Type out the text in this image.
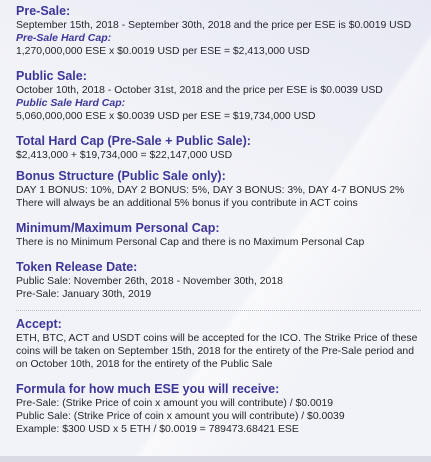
Pre-Sale:

September 15th, 2018 - September 30th, 2018 and the price per ESE is $0.0019 USD

Pre-Sale Hard Cap:

1,270,000,000 ESE x $0.0019 USD per ESE = $2,413,000 USD

Public Sale:

October 10th, 2018 - October 31st, 2018 and the price per ESE is $0.0039 USD

Public Sale Hard Cap:

5,060,000,000 ESE x $0.0039 USD per ESE = $19,734,000 USD

Total Hard Cap (Pre-Sale + Public Sale):

$2,413,000 + $19,734,000 = $22,147,000 USD

Bonus Structure (Public Sale only):

DAY 1 BONUS: 10%, DAY 2 BONUS: 5%, DAY 3 BONUS: 3%, DAY 4-7 BONUS 2%

There will always be an additional 5% bonus if you contribute in ACT coins

Minimum/Maximum Personal Cap:

There is no Minimum Personal Cap and there is no Maximum Personal Cap

Token Release Date:

Public Sale: November 26th, 2018 - November 30th, 2018

Pre-Sale: January 30th, 2019

Accept:

ETH, BTC, ACT and USDT coins will be accepted for the ICO. The Strike Price of these coins will be taken on September 15th, 2018 for the entirety of the Pre-Sale period and on October 10th, 2018 for the entirety of the Public Sale

Formula for how much ESE you will receive:

Pre-Sale: (Strike Price of coin x amount you will contribute) / $0.0019

Public Sale: (Strike Price of coin x amount you will contribute) / $0.0039

Example: $300 USD x 5 ETH / $0.0019 = 789473.68421 ESE
